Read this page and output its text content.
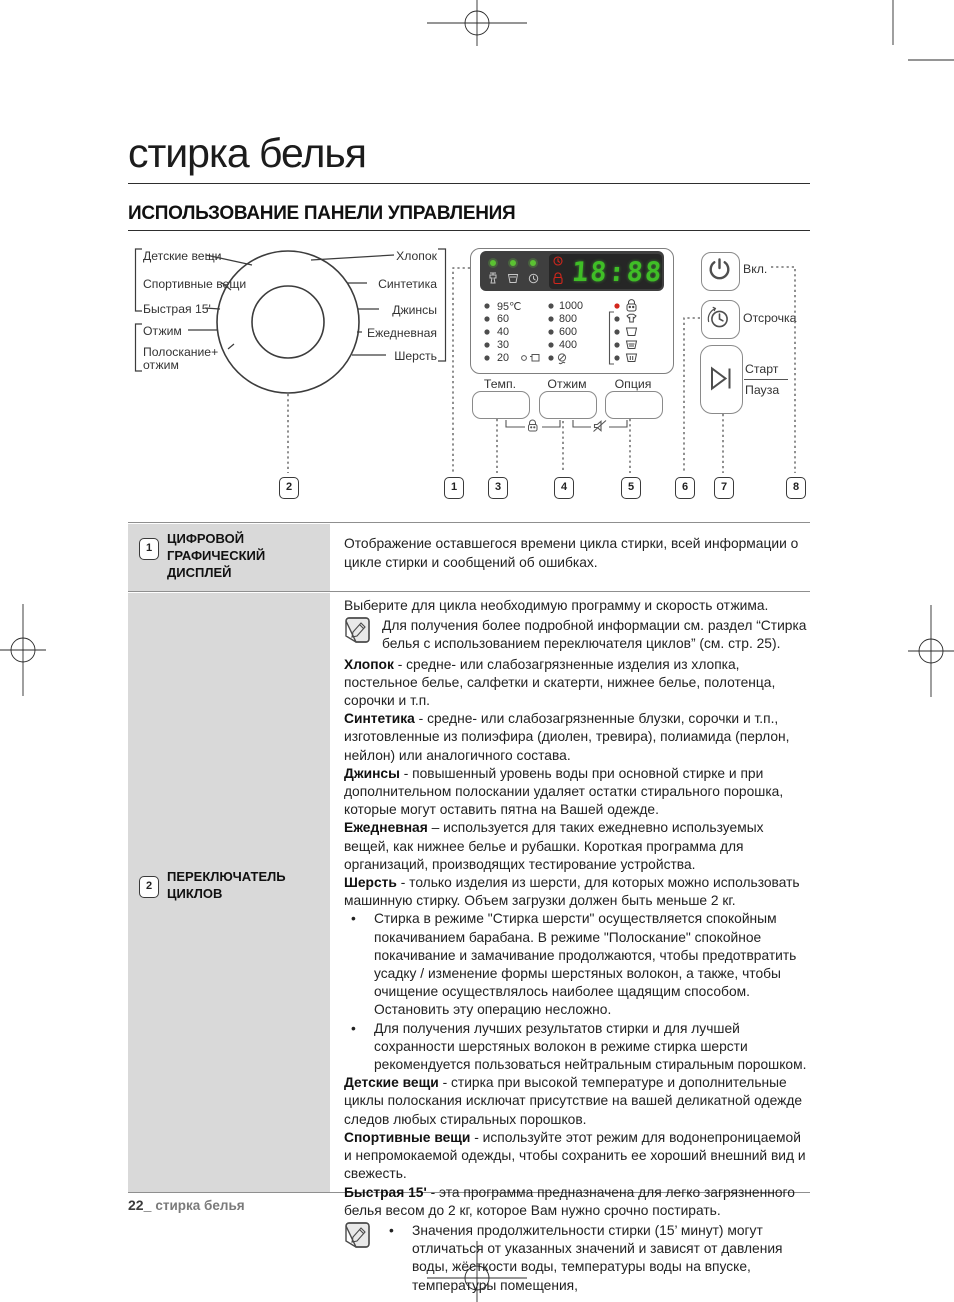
стирка белья
ИСПОЛЬЗОВАНИЕ ПАНЕЛИ УПРАВЛЕНИЯ
Детские вещи
Спортивные вещи
Быстрая 15'
Отжим
Полоскание+ отжим
Хлопок
Синтетика
Джинсы
Ежедневная
Шерсть
18:88
95℃
60
40
30
20
1000
800
600
400
Темп.	Отжим	Опция
Вкл.
Отсрочка
Старт
Пауза
2	1	3	4	5	6	7	8
1
ЦИФРОВОЙ ГРАФИЧЕСКИЙ ДИСПЛЕЙ
Отображение оставшегося времени цикла стирки, всей информации о цикле стирки и сообщений об ошибках.
2
ПЕРЕКЛЮЧАТЕЛЬ ЦИКЛОВ
Выберите для цикла необходимую программу и скорость отжима.
Для получения более подробной информации см. раздел “Стирка белья с использованием переключателя циклов” (см. стр. 25).
Хлопок - средне- или слабозагрязненные изделия из хлопка, постельное белье, салфетки и скатерти, нижнее белье, полотенца, сорочки и т.п.
Синтетика - средне- или слабозагрязненные блузки, сорочки и т.п., изготовленные из полиэфира (диолен, тревира), полиамида (перлон, нейлон) или аналогичного состава.
Джинсы - повышенный уровень воды при основной стирке и при дополнительном полоскании удаляет остатки стирального порошка, которые могут оставить пятна на Вашей одежде.
Ежедневная – используется для таких ежедневно используемых вещей, как нижнее белье и рубашки. Короткая программа для организаций, производящих тестирование устройства.
Шерсть - только изделия из шерсти, для которых можно использовать машинную стирку. Объем загрузки должен быть меньше 2 кг.
• Стирка в режиме "Стирка шерсти" осуществляется спокойным покачиванием барабана. В режиме "Полоскание" спокойное покачивание и замачивание продолжаются, чтобы предотвратить усадку / изменение формы шерстяных волокон, а также, чтобы очищение осуществлялось наиболее щадящим способом. Остановить эту операцию несложно.
• Для получения лучших результатов стирки и для лучшей сохранности шерстяных волокон в режиме стирка шерсти рекомендуется пользоваться нейтральным стиральным порошком.
Детские вещи - стирка при высокой температуре и дополнительные циклы полоскания исключат присутствие на вашей деликатной одежде следов любых стиральных порошков.
Спортивные вещи - используйте этот режим для водонепроницаемой и непромокаемой одежды, чтобы сохранить ее хороший внешний вид и свежесть.
Быстрая 15' - эта программа предназначена для легко загрязненного белья весом до 2 кг, которое Вам нужно срочно постирать.
• Значения продолжительности стирки (15’ минут) могут отличаться от указанных значений и зависят от давления воды, жёсткости воды, температуры воды на впуске, температуры помещения,
22_ стирка белья
